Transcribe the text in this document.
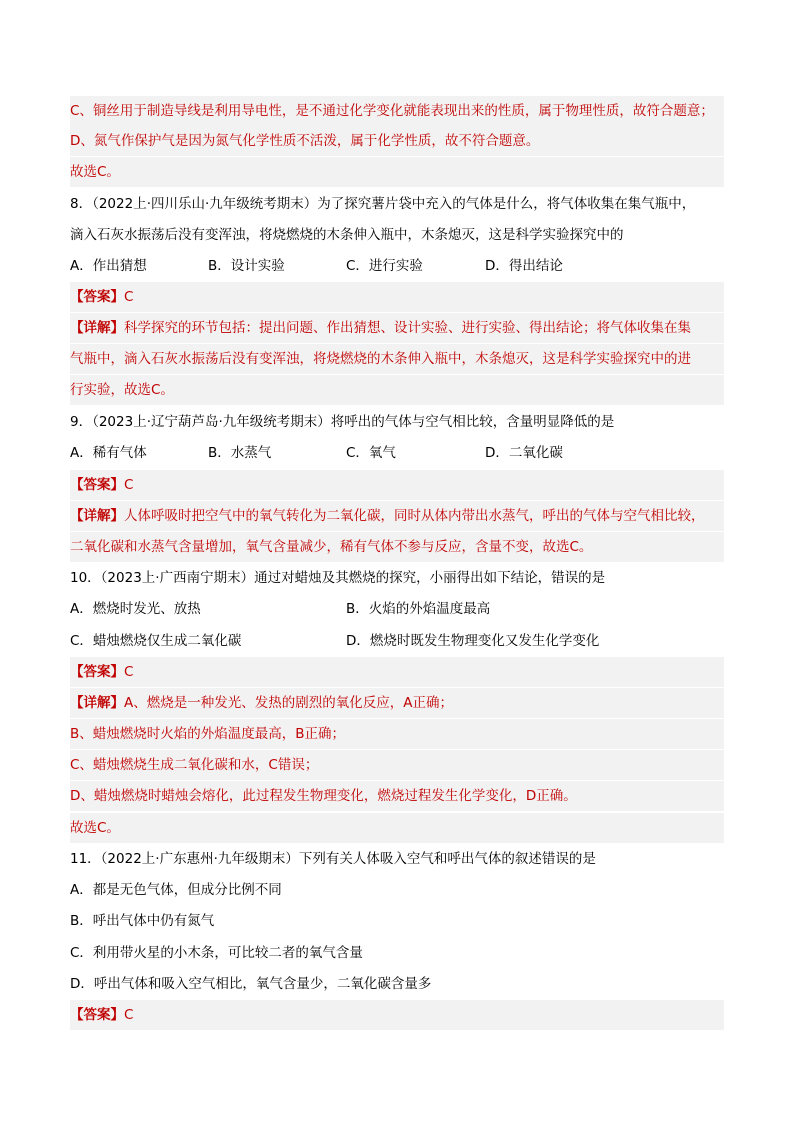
C、铜丝用于制造导线是利用导电性，是不通过化学变化就能表现出来的性质，属于物理性质，故符合题意；
D、氮气作保护气是因为氮气化学性质不活泼，属于化学性质，故不符合题意。
故选C。
8．（2022上·四川乐山·九年级统考期末）为了探究薯片袋中充入的气体是什么，将气体收集在集气瓶中，
滴入石灰水振荡后没有变浑浊，将烧燃烧的木条伸入瓶中，木条熄灭，这是科学实验探究中的
A．作出猜想	B．设计实验	C．进行实验	D．得出结论
【答案】C
【详解】科学探究的环节包括：提出问题、作出猜想、设计实验、进行实验、得出结论；将气体收集在集
气瓶中，滴入石灰水振荡后没有变浑浊，将烧燃烧的木条伸入瓶中，木条熄灭，这是科学实验探究中的进
行实验，故选C。
9．（2023上·辽宁葫芦岛·九年级统考期末）将呼出的气体与空气相比较，含量明显降低的是
A．稀有气体	B．水蒸气	C．氧气	D．二氧化碳
【答案】C
【详解】人体呼吸时把空气中的氧气转化为二氧化碳，同时从体内带出水蒸气，呼出的气体与空气相比较，
二氧化碳和水蒸气含量增加，氧气含量减少，稀有气体不参与反应，含量不变，故选C。
10．（2023上·广西南宁期末）通过对蜡烛及其燃烧的探究，小丽得出如下结论，错误的是
A．燃烧时发光、放热	B．火焰的外焰温度最高
C．蜡烛燃烧仅生成二氧化碳	D．燃烧时既发生物理变化又发生化学变化
【答案】C
【详解】A、燃烧是一种发光、发热的剧烈的氧化反应，A正确；
B、蜡烛燃烧时火焰的外焰温度最高，B正确；
C、蜡烛燃烧生成二氧化碳和水，C错误；
D、蜡烛燃烧时蜡烛会熔化，此过程发生物理变化，燃烧过程发生化学变化，D正确。
故选C。
11．（2022上·广东惠州·九年级期末）下列有关人体吸入空气和呼出气体的叙述错误的是
A．都是无色气体，但成分比例不同
B．呼出气体中仍有氮气
C．利用带火星的小木条，可比较二者的氧气含量
D．呼出气体和吸入空气相比，氧气含量少，二氧化碳含量多
【答案】C
